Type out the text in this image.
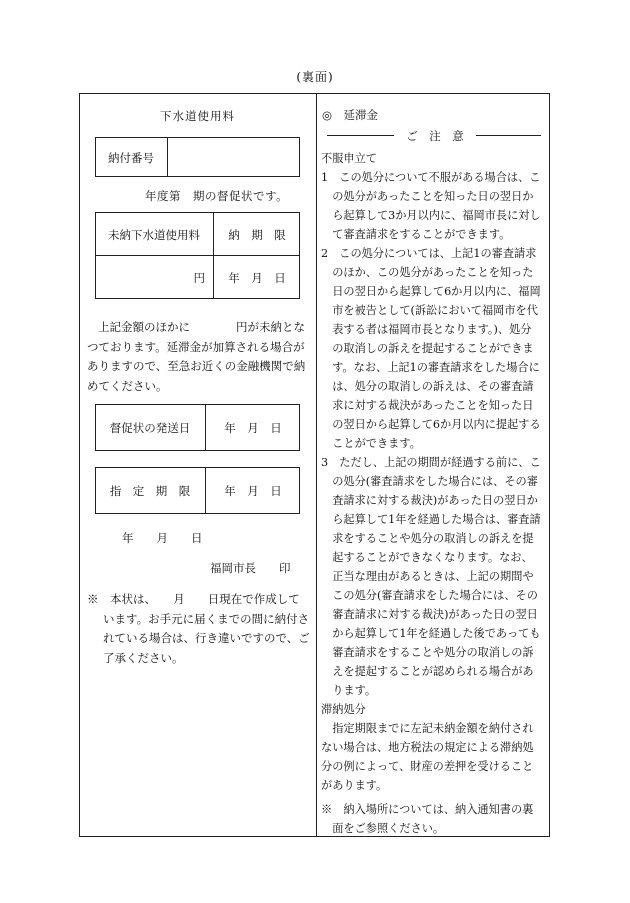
(裏面)
下水道使用料
納付番号
年度第　期の督促状です。
未納下水道使用料	納　期　限
円	年　月　日
上記金額のほかに　　　　円が未納とな
つております。延滞金が加算される場合が
ありますので、至急お近くの金融機関で納
めてください。
督促状の発送日	年　月　日
指　定　期　限	年　月　日
年　　月　　日
福岡市長　　印
※　本状は、　　月　　日現在で作成して
います。お手元に届くまでの間に納付さ
れている場合は、行き違いですので、ご
了承ください。
◎　延滞金
ご　注　意
不服申立て
1　この処分について不服がある場合は、こ
　の処分があったことを知った日の翌日か
　ら起算して3か月以内に、福岡市長に対し
　て審査請求をすることができます。
2　この処分については、上記1の審査請求
　のほか、この処分があったことを知った
　日の翌日から起算して6か月以内に、福岡
　市を被告として(訴訟において福岡市を代
　表する者は福岡市長となります。)、処分
　の取消しの訴えを提起することができま
　す。なお、上記1の審査請求をした場合に
　は、処分の取消しの訴えは、その審査請
　求に対する裁決があったことを知った日
　の翌日から起算して6か月以内に提起する
　ことができます。
3　ただし、上記の期間が経過する前に、こ
　の処分(審査請求をした場合には、その審
　査請求に対する裁決)があった日の翌日か
　ら起算して1年を経過した場合は、審査請
　求をすることや処分の取消しの訴えを提
　起することができなくなります。なお、
　正当な理由があるときは、上記の期間や
　この処分(審査請求をした場合には、その
　審査請求に対する裁決)があった日の翌日
　から起算して1年を経過した後であっても
　審査請求をすることや処分の取消しの訴
　えを提起することが認められる場合があ
　ります。
滞納処分
　指定期限までに左記未納金額を納付され
ない場合は、地方税法の規定による滞納処
分の例によって、財産の差押を受けること
があります。
※　納入場所については、納入通知書の裏
　面をご参照ください。
